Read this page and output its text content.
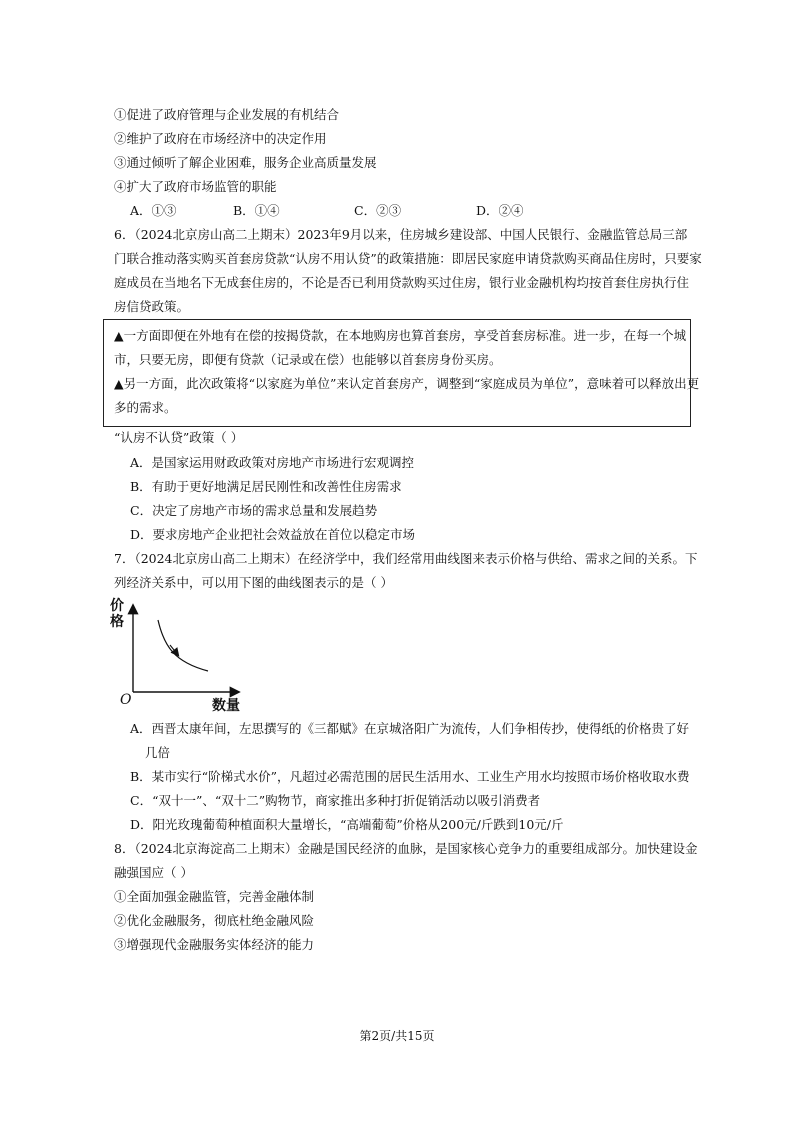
①促进了政府管理与企业发展的有机结合
②维护了政府在市场经济中的决定作用
③通过倾听了解企业困难，服务企业高质量发展
④扩大了政府市场监管的职能
A．①③	B．①④	C．②③	D．②④
6．（2024北京房山高二上期末）2023年9月以来，住房城乡建设部、中国人民银行、金融监管总局三部
门联合推动落实购买首套房贷款“认房不用认贷”的政策措施：即居民家庭申请贷款购买商品住房时，只要家
庭成员在当地名下无成套住房的，不论是否已利用贷款购买过住房，银行业金融机构均按首套住房执行住
房信贷政策。
▲一方面即便在外地有在偿的按揭贷款，在本地购房也算首套房，享受首套房标准。进一步，在每一个城
市，只要无房，即便有贷款（记录或在偿）也能够以首套房身份买房。
▲另一方面，此次政策将“以家庭为单位”来认定首套房产，调整到“家庭成员为单位”，意味着可以释放出更
多的需求。
“认房不认贷”政策（ ）
A．是国家运用财政政策对房地产市场进行宏观调控
B．有助于更好地满足居民刚性和改善性住房需求
C．决定了房地产市场的需求总量和发展趋势
D．要求房地产企业把社会效益放在首位以稳定市场
7．（2024北京房山高二上期末）在经济学中，我们经常用曲线图来表示价格与供给、需求之间的关系。下
列经济关系中，可以用下图的曲线图表示的是（ ）
价
格
O	数量
A．西晋太康年间，左思撰写的《三都赋》在京城洛阳广为流传，人们争相传抄，使得纸的价格贵了好
几倍
B．某市实行“阶梯式水价”，凡超过必需范围的居民生活用水、工业生产用水均按照市场价格收取水费
C．“双十一”、“双十二”购物节，商家推出多种打折促销活动以吸引消费者
D．阳光玫瑰葡萄种植面积大量增长，“高端葡萄”价格从200元/斤跌到10元/斤
8．（2024北京海淀高二上期末）金融是国民经济的血脉，是国家核心竞争力的重要组成部分。加快建设金
融强国应（ ）
①全面加强金融监管，完善金融体制
②优化金融服务，彻底杜绝金融风险
③增强现代金融服务实体经济的能力
第2页/共15页
